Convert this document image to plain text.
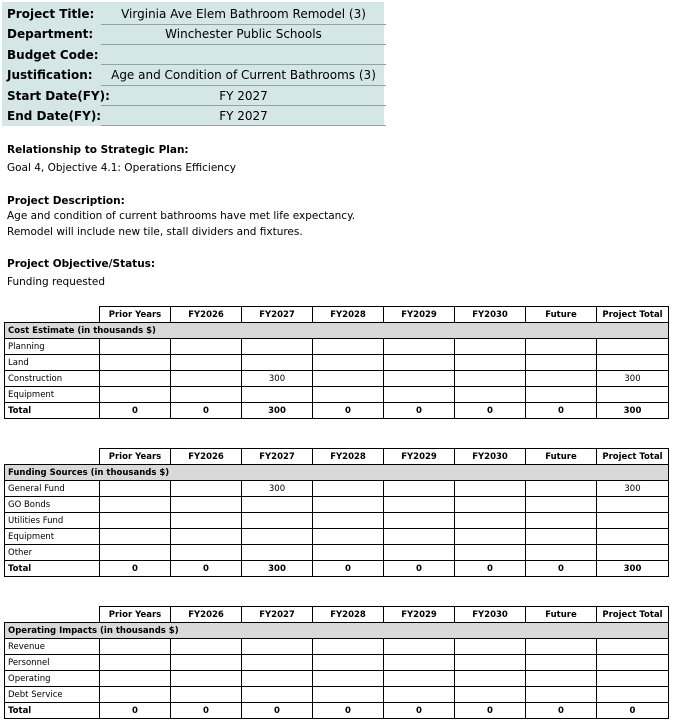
Project Title:	Virginia Ave Elem Bathroom Remodel (3)
Department:	Winchester Public Schools
Budget Code:
Justification:	Age and Condition of Current Bathrooms (3)
Start Date(FY):	FY 2027
End Date(FY):	FY 2027
Relationship to Strategic Plan:
Goal 4, Objective 4.1: Operations Efficiency
Project Description:
Age and condition of current bathrooms have met life expectancy.
Remodel will include new tile, stall dividers and fixtures.
Project Objective/Status:
Funding requested
	Prior Years	FY2026	FY2027	FY2028	FY2029	FY2030	Future	Project Total
Cost Estimate (in thousands $)								
Planning								
Land								
Construction			300					300
Equipment								
Total	0	0	300	0	0	0	0	300
	Prior Years	FY2026	FY2027	FY2028	FY2029	FY2030	Future	Project Total
Funding Sources (in thousands $)								
General Fund			300					300
GO Bonds								
Utilities Fund								
Equipment								
Other								
Total	0	0	300	0	0	0	0	300
	Prior Years	FY2026	FY2027	FY2028	FY2029	FY2030	Future	Project Total
Operating Impacts (in thousands $)								
Revenue								
Personnel								
Operating								
Debt Service								
Total	0	0	0	0	0	0	0	0
